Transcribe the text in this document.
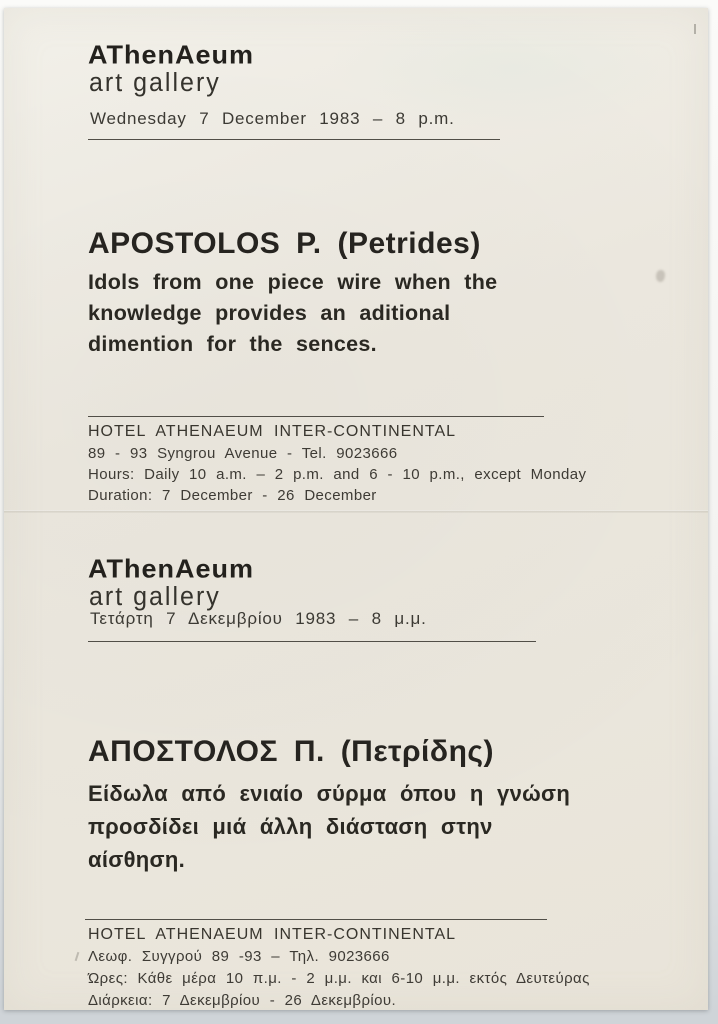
AThenAeum
art gallery
Wednesday 7 December 1983 – 8 p.m.
APOSTOLOS P. (Petrides)
Idols from one piece wire when the
knowledge provides an aditional
dimention for the sences.
HOTEL ATHENAEUM INTER-CONTINENTAL
89 - 93 Syngrou Avenue - Tel. 9023666
Hours: Daily 10 a.m. – 2 p.m. and 6 - 10 p.m., except Monday
Duration: 7 December - 26 December
AThenAeum
art gallery
Τετάρτη 7 Δεκεμβρίου 1983 – 8 μ.μ.
ΑΠΟΣΤΟΛΟΣ Π. (Πετρίδης)
Είδωλα από ενιαίο σύρμα όπου η γνώση
προσδίδει μιά άλλη διάσταση στην
αίσθηση.
HOTEL ATHENAEUM INTER-CONTINENTAL
Λεωφ. Συγγρού 89 -93 – Τηλ. 9023666
Ώρες: Κάθε μέρα 10 π.μ. - 2 μ.μ. και 6-10 μ.μ. εκτός Δευτεύρας
Διάρκεια: 7 Δεκεμβρίου - 26 Δεκεμβρίου.
